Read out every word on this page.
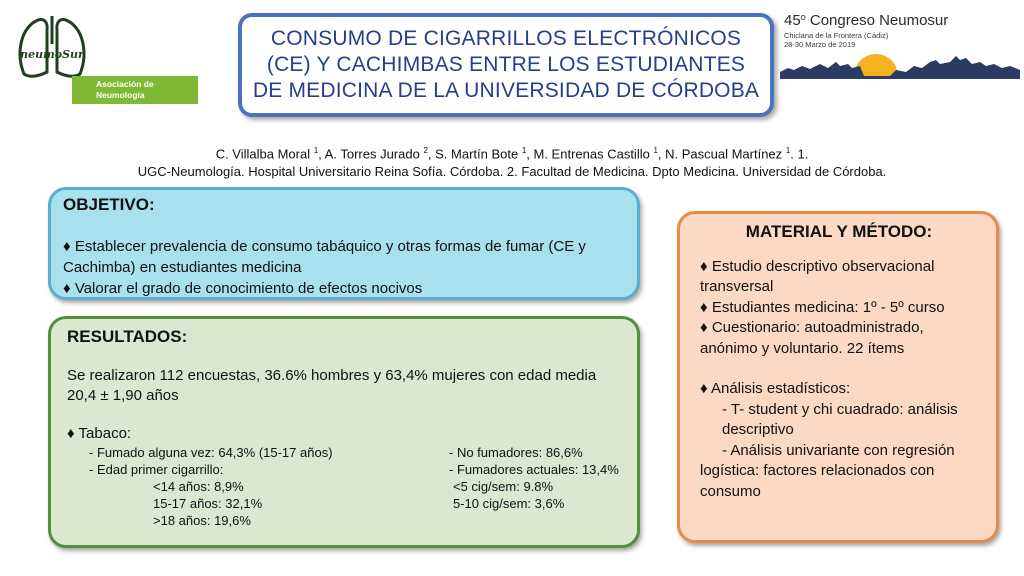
neumoSur
Asociación de Neumología
y Cirugía Torácica del SUR
CONSUMO DE CIGARRILLOS ELECTRÓNICOS
(CE) Y CACHIMBAS ENTRE LOS ESTUDIANTES
DE MEDICINA DE LA UNIVERSIDAD DE CÓRDOBA
45$^o$ Congreso Neumosur
Chiclana de la Frontera (Cádiz)
28-30 Marzo de 2019
C. Villalba Moral $^1$, A. Torres Jurado $^2$, S. Martín Bote $^1$, M. Entrenas Castillo $^1$, N. Pascual Martínez $^1$. 1.
UGC-Neumología. Hospital Universitario Reina Sofía. Córdoba. 2. Facultad de Medicina. Dpto Medicina. Universidad de Córdoba.
OBJETIVO:
♦ Establecer prevalencia de consumo tabáquico y otras formas de fumar (CE y Cachimba) en estudiantes medicina
♦ Valorar el grado de conocimiento de efectos nocivos
RESULTADOS:
Se realizaron 112 encuestas, 36.6% hombres y 63,4% mujeres con edad media 20,4 ± 1,90 años
♦ Tabaco:
- Fumado alguna vez: 64,3% (15-17 años)	- No fumadores: 86,6%
- Edad primer cigarrillo:	- Fumadores actuales: 13,4%
<14 años: 8,9%	<5 cig/sem: 9.8%
15-17 años: 32,1%	5-10 cig/sem: 3,6%
>18 años: 19,6%
MATERIAL Y MÉTODO:
♦ Estudio descriptivo observacional transversal
♦ Estudiantes medicina: 1º - 5º curso
♦ Cuestionario: autoadministrado, anónimo y voluntario. 22 ítems
♦ Análisis estadísticos:
- T- student y chi cuadrado: análisis descriptivo
- Análisis univariante con regresión logística: factores relacionados con consumo
